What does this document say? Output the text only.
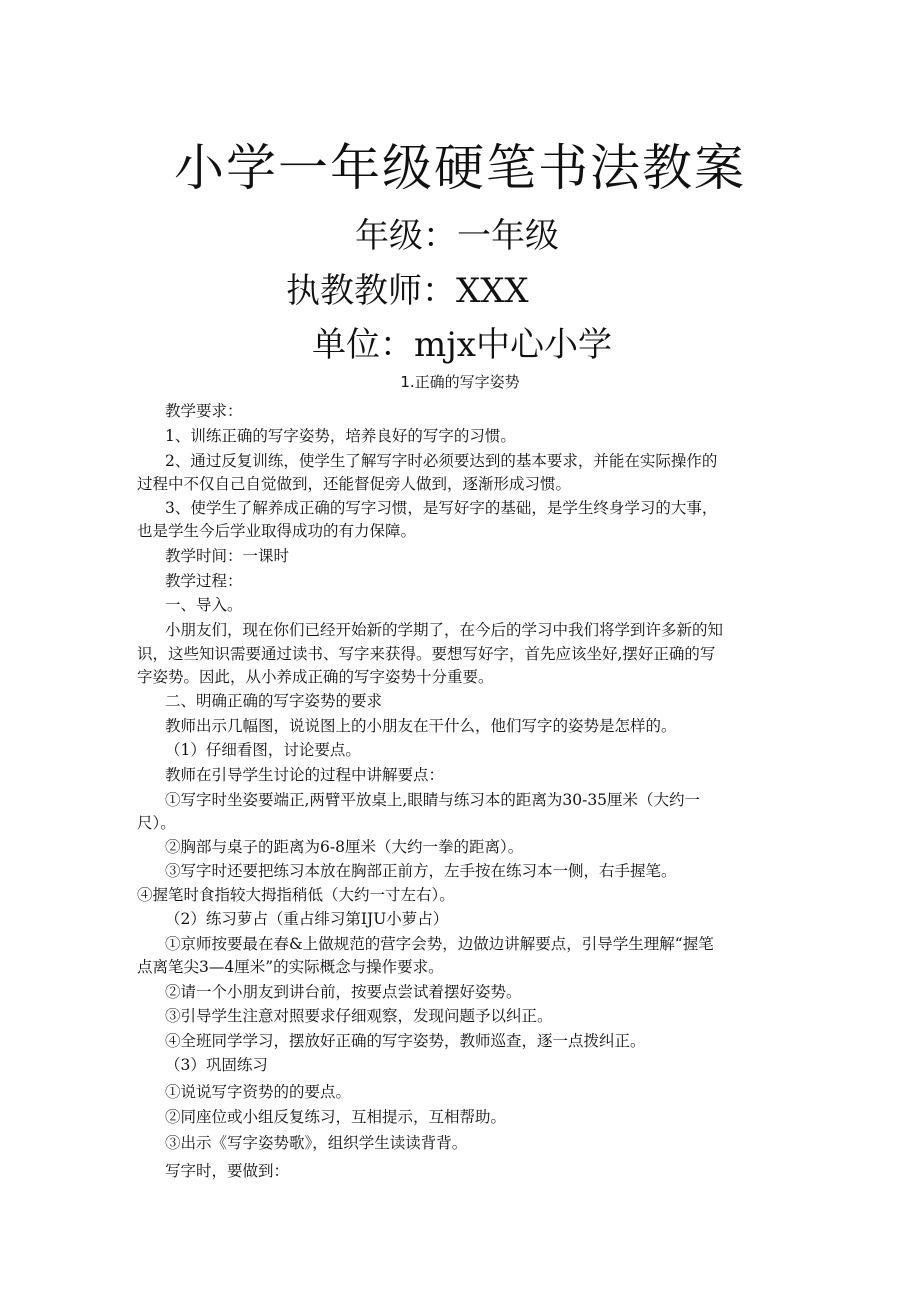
小学一年级硬笔书法教案
年级：一年级
执教教师：XXX
单位：mjx中心小学
1.正确的写字姿势
教学要求：
1、训练正确的写字姿势，培养良好的写字的习惯。
2、通过反复训练，使学生了解写字时必须要达到的基本要求，并能在实际操作的
过程中不仅自己自觉做到，还能督促旁人做到，逐渐形成习惯。
3、使学生了解养成正确的写字习惯，是写好字的基础，是学生终身学习的大事，
也是学生今后学业取得成功的有力保障。
教学时间：一课时
教学过程：
一、导入。
小朋友们，现在你们已经开始新的学期了，在今后的学习中我们将学到许多新的知
识，这些知识需要通过读书、写字来获得。要想写好字，首先应该坐好,摆好正确的写
字姿势。因此，从小养成正确的写字姿势十分重要。
二、明确正确的写字姿势的要求
教师出示几幅图，说说图上的小朋友在干什么，他们写字的姿势是怎样的。
（1）仔细看图，讨论要点。
教师在引导学生讨论的过程中讲解要点：
①写字时坐姿要端正,两臂平放桌上,眼睛与练习本的距离为30-35厘米（大约一
尺）。
②胸部与桌子的距离为6-8厘米（大约一拳的距离）。
③写字时还要把练习本放在胸部正前方，左手按在练习本一侧，右手握笔。
④握笔时食指较大拇指稍低（大约一寸左右）。
（2）练习萝占（重占绯习第IJU小萝占）
①京师按要最在春&上做规范的营字会势，边做边讲解要点，引导学生理解“握笔
点离笔尖3—4厘米”的实际概念与操作要求。
②请一个小朋友到讲台前，按要点尝试着摆好姿势。
③引导学生注意对照要求仔细观察，发现问题予以纠正。
④全班同学学习，摆放好正确的写字姿势，教师巡查，逐一点拨纠正。
（3）巩固练习
①说说写字资势的的要点。
②同座位或小组反复练习，互相提示，互相帮助。
③出示《写字姿势歌》，组织学生读读背背。
写字时，要做到：
